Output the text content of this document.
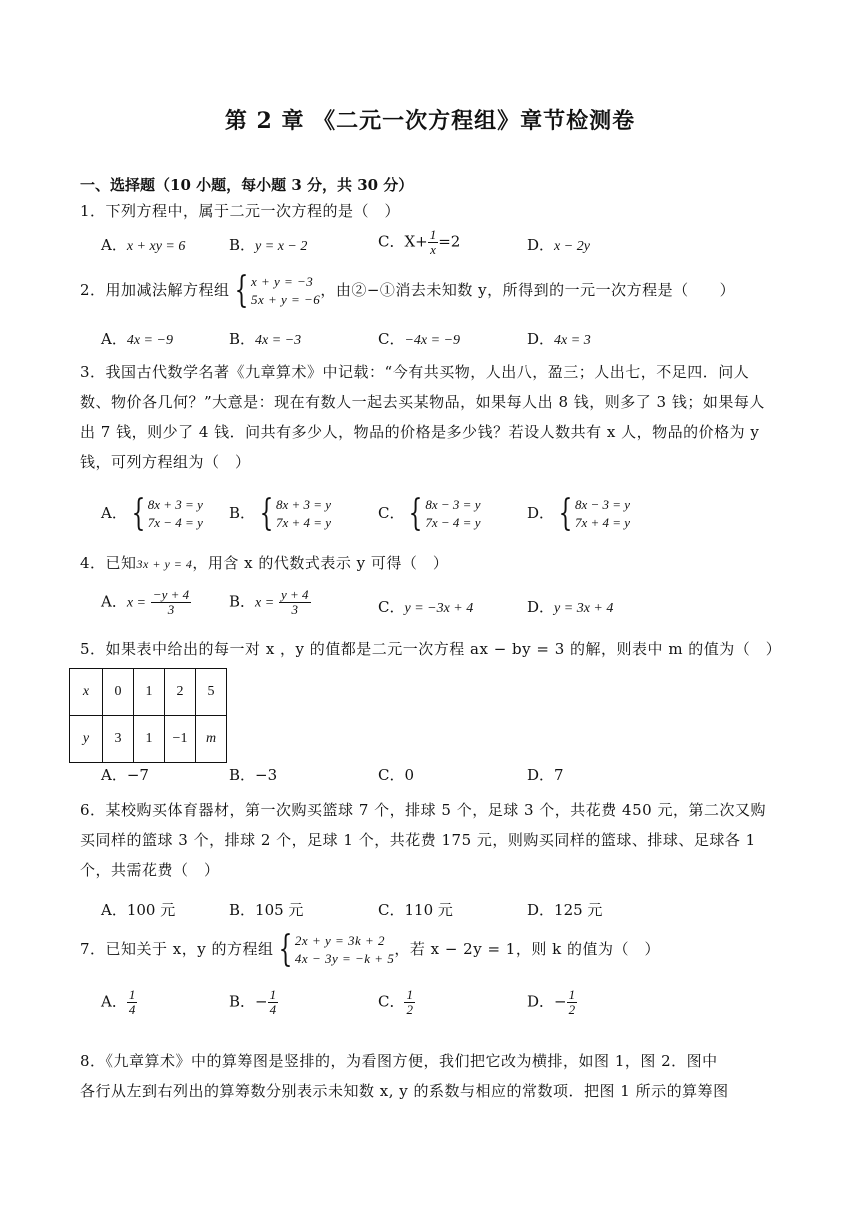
第 2 章 《二元一次方程组》章节检测卷
一、选择题（10 小题，每小题 3 分，共 30 分）
1．下列方程中，属于二元一次方程的是（　）
A．x + xy = 6	B．y = x − 2	C．$X+ \frac{1}{x} =2$	D．x − 2y
2．用加减法解方程组 { x + y = −3
5x + y = −6
，由②−①消去未知数 y，所得到的一元一次方程是（　　）
A．4x = −9	B．4x = −3	C．−4x = −9	D．4x = 3
3．我国古代数学名著《九章算术》中记载：“今有共买物，人出八，盈三；人出七，不足四．问人数、物价各几何？”大意是：现在有数人一起去买某物品，如果每人出 8 钱，则多了 3 钱；如果每人出 7 钱，则少了 4 钱．问共有多少人，物品的价格是多少钱？若设人数共有 x 人，物品的价格为 y 钱，可列方程组为（　）
A． { 8x + 3 = y
7x − 4 = y
B． { 8x + 3 = y
7x + 4 = y
C． { 8x − 3 = y
7x − 4 = y
D． { 8x − 3 = y
7x + 4 = y
4．已知3x + y = 4，用含 x 的代数式表示 y 可得（　）
A．$x = \frac{-y + 4}{3}$	B．$x = \frac{y + 4}{3}$	C．y = −3x + 4	D．y = 3x + 4
5．如果表中给出的每一对 x ，y 的值都是二元一次方程 ax − by = 3 的解，则表中 m 的值为（　）
x	0	1	2	5
y	3	1	−1	m
A．−7	B．−3	C．0	D．7
6．某校购买体育器材，第一次购买篮球 7 个，排球 5 个，足球 3 个，共花费 450 元，第二次又购买同样的篮球 3 个，排球 2 个，足球 1 个，共花费 175 元，则购买同样的篮球、排球、足球各 1 个，共需花费（　）
A．100 元	B．105 元	C．110 元	D．125 元
7．已知关于 x，y 的方程组 { 2x + y = 3k + 2
4x − 3y = −k + 5
，若 x − 2y = 1，则 k 的值为（　）
A． $\frac{1}{4}$	B．− $\frac{1}{4}$	C． $\frac{1}{2}$	D．− $\frac{1}{2}$
8．《九章算术》中的算筹图是竖排的，为看图方便，我们把它改为横排，如图 1，图 2．图中
各行从左到右列出的算筹数分别表示未知数 x, y 的系数与相应的常数项．把图 1 所示的算筹图
